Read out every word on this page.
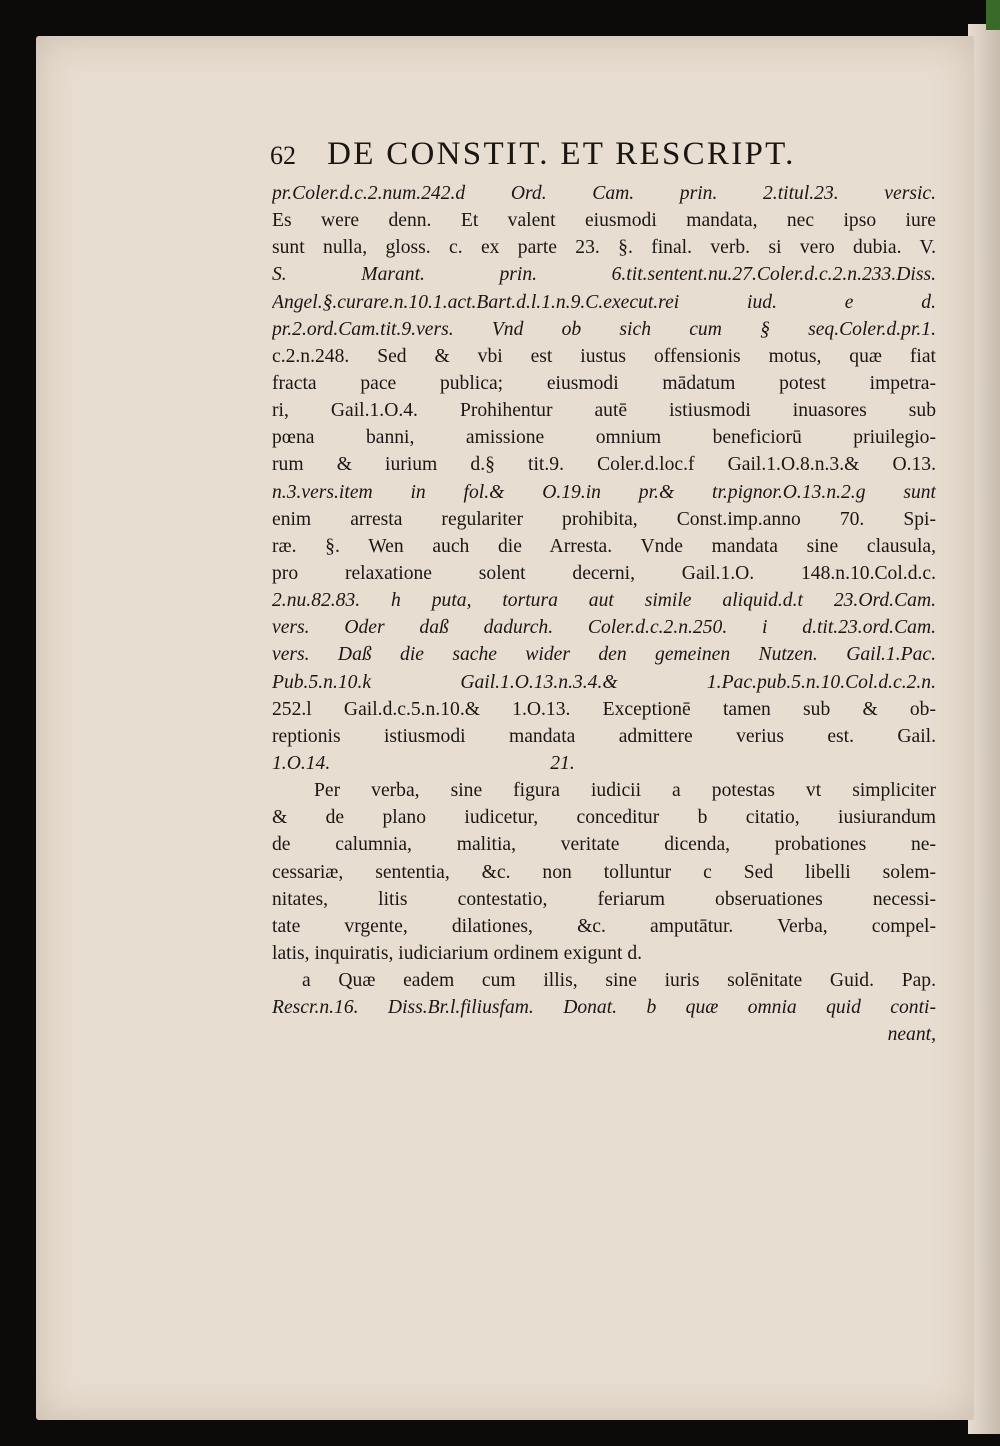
62 DE CONSTIT. ET RESCRIPT.
pr.Coler.d.c.2.num.242.d Ord. Cam. prin. 2.titul.23. versic.
Es were denn. Et valent eiusmodi mandata, nec ipso iure
sunt nulla, gloss. c. ex parte 23. §. final. verb. si vero dubia. V.
S. Marant. prin. 6.tit.sentent.nu.27.Coler.d.c.2.n.233.Diss.
Angel.§.curare.n.10.1.act.Bart.d.l.1.n.9.C.execut.rei iud. e d.
pr.2.ord.Cam.tit.9.vers. Vnd ob sich cum § seq.Coler.d.pr.1.
c.2.n.248. Sed & vbi est iustus offensionis motus, quæ fiat
fracta pace publica; eiusmodi mādatum potest impetra-
ri, Gail.1.O.4. Prohihentur autē istiusmodi inuasores sub
pœna banni, amissione omnium beneficiorū priuilegio-
rum & iurium d.§ tit.9. Coler.d.loc.f Gail.1.O.8.n.3.& O.13.
n.3.vers.item in fol.& O.19.in pr.& tr.pignor.O.13.n.2.g sunt
enim arresta regulariter prohibita, Const.imp.anno 70. Spi-
ræ. §. Wen auch die Arresta. Vnde mandata sine clausula,
pro relaxatione solent decerni, Gail.1.O. 148.n.10.Col.d.c.
2.nu.82.83. h puta, tortura aut simile aliquid.d.t 23.Ord.Cam.
vers. Oder daß dadurch. Coler.d.c.2.n.250. i d.tit.23.ord.Cam.
vers. Daß die sache wider den gemeinen Nutzen. Gail.1.Pac.
Pub.5.n.10.k Gail.1.O.13.n.3.4.& 1.Pac.pub.5.n.10.Col.d.c.2.n.
252.l Gail.d.c.5.n.10.& 1.O.13. Exceptionē tamen sub & ob-
reptionis istiusmodi mandata admittere verius est. Gail.
1.O.14.	21.
Per verba, sine figura iudicii a potestas vt simpliciter
& de plano iudicetur, conceditur b citatio, iusiurandum
de calumnia, malitia, veritate dicenda, probationes ne-
cessariæ, sententia, &c. non tolluntur c Sed libelli solem-
nitates, litis contestatio, feriarum obseruationes necessi-
tate vrgente, dilationes, &c. amputātur. Verba, compel-
latis, inquiratis, iudiciarium ordinem exigunt d.
a Quæ eadem cum illis, sine iuris solēnitate Guid. Pap.
Rescr.n.16. Diss.Br.l.filiusfam. Donat. b quæ omnia quid conti-
neant,
